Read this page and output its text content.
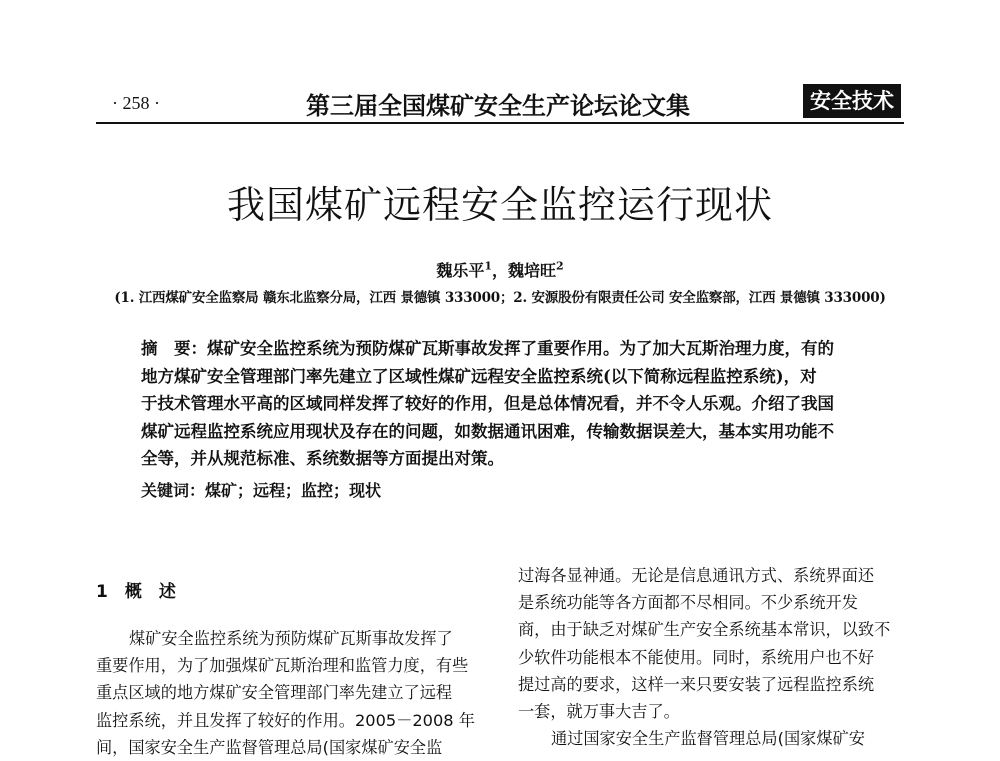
· 258 ·	第三届全国煤矿安全生产论坛论文集	安全技术
我国煤矿远程安全监控运行现状
魏乐平$^1$，魏培旺$^2$
(1. 江西煤矿安全监察局 赣东北监察分局，江西 景德镇 333000；2. 安源股份有限责任公司 安全监察部，江西 景德镇 333000)
摘　要：煤矿安全监控系统为预防煤矿瓦斯事故发挥了重要作用。为了加大瓦斯治理力度，有的
地方煤矿安全管理部门率先建立了区域性煤矿远程安全监控系统(以下简称远程监控系统)，对
于技术管理水平高的区域同样发挥了较好的作用，但是总体情况看，并不令人乐观。介绍了我国
煤矿远程监控系统应用现状及存在的问题，如数据通讯困难，传输数据误差大，基本实用功能不
全等，并从规范标准、系统数据等方面提出对策。
关键词：煤矿；远程；监控；现状
1　概　述
煤矿安全监控系统为预防煤矿瓦斯事故发挥了
重要作用，为了加强煤矿瓦斯治理和监管力度，有些
重点区域的地方煤矿安全管理部门率先建立了远程
监控系统，并且发挥了较好的作用。2005－2008 年
间，国家安全生产监督管理总局(国家煤矿安全监
过海各显神通。无论是信息通讯方式、系统界面还
是系统功能等各方面都不尽相同。不少系统开发
商，由于缺乏对煤矿生产安全系统基本常识，以致不
少软件功能根本不能使用。同时，系统用户也不好
提过高的要求，这样一来只要安装了远程监控系统
一套，就万事大吉了。
通过国家安全生产监督管理总局(国家煤矿安
